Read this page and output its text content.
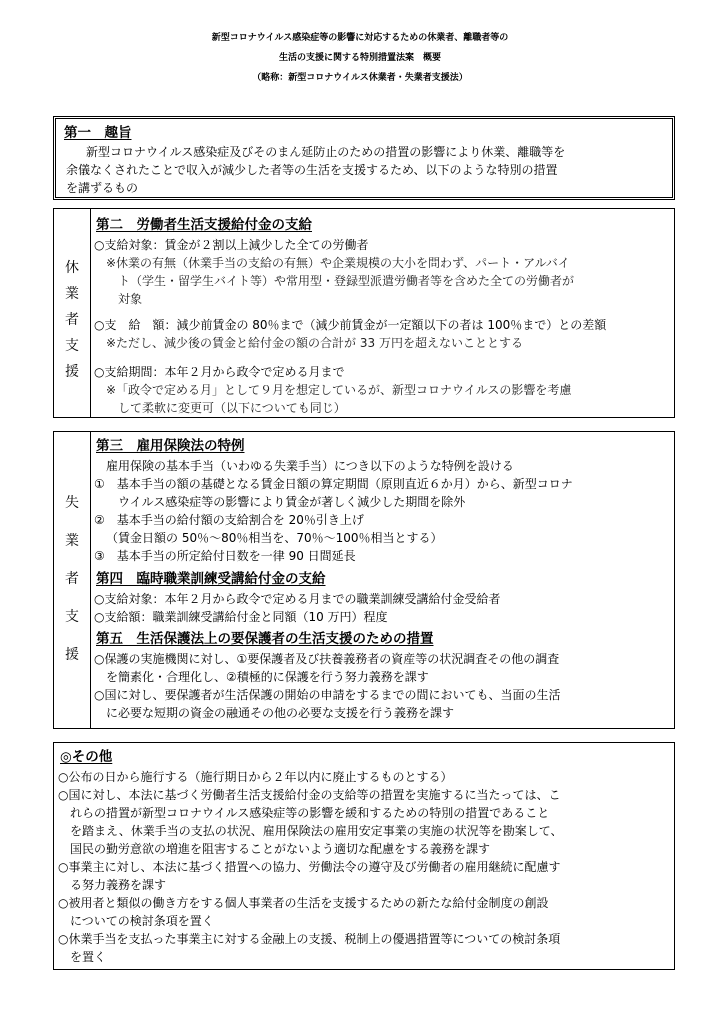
新型コロナウイルス感染症等の影響に対応するための休業者、離職者等の
生活の支援に関する特別措置法案　概要
（略称：新型コロナウイルス休業者・失業者支援法）
第一　趣旨
新型コロナウイルス感染症及びそのまん延防止のための措置の影響により休業、離職等を
余儀なくされたことで収入が減少した者等の生活を支援するため、以下のような特別の措置
を講ずるもの
休
業
者
支
援
第二　労働者生活支援給付金の支給
○支給対象：賃金が２割以上減少した全ての労働者
※休業の有無（休業手当の支給の有無）や企業規模の大小を問わず、パート・アルバイ
ト（学生・留学生バイト等）や常用型・登録型派遣労働者等を含めた全ての労働者が
対象
○支　給　額：減少前賃金の 80％まで（減少前賃金が一定額以下の者は 100％まで）との差額
※ただし、減少後の賃金と給付金の額の合計が 33 万円を超えないこととする
○支給期間：本年２月から政令で定める月まで
※「政令で定める月」として９月を想定しているが、新型コロナウイルスの影響を考慮
して柔軟に変更可（以下についても同じ）
失
業
者
支
援
第三　雇用保険法の特例
雇用保険の基本手当（いわゆる失業手当）につき以下のような特例を設ける
①　基本手当の額の基礎となる賃金日額の算定期間（原則直近６か月）から、新型コロナ
ウイルス感染症等の影響により賃金が著しく減少した期間を除外
②　基本手当の給付額の支給割合を 20％引き上げ
（賃金日額の 50％～80％相当を、70％～100％相当とする）
③　基本手当の所定給付日数を一律 90 日間延長
第四　臨時職業訓練受講給付金の支給
○支給対象：本年２月から政令で定める月までの職業訓練受講給付金受給者
○支給額：職業訓練受講給付金と同額（10 万円）程度
第五　生活保護法上の要保護者の生活支援のための措置
○保護の実施機関に対し、①要保護者及び扶養義務者の資産等の状況調査その他の調査
を簡素化・合理化し、②積極的に保護を行う努力義務を課す
○国に対し、要保護者が生活保護の開始の申請をするまでの間においても、当面の生活
に必要な短期の資金の融通その他の必要な支援を行う義務を課す
◎その他
○公布の日から施行する（施行期日から２年以内に廃止するものとする）
○国に対し、本法に基づく労働者生活支援給付金の支給等の措置を実施するに当たっては、こ
れらの措置が新型コロナウイルス感染症等の影響を緩和するための特別の措置であること
を踏まえ、休業手当の支払の状況、雇用保険法の雇用安定事業の実施の状況等を勘案して、
国民の勤労意欲の増進を阻害することがないよう適切な配慮をする義務を課す
○事業主に対し、本法に基づく措置への協力、労働法令の遵守及び労働者の雇用継続に配慮す
る努力義務を課す
○被用者と類似の働き方をする個人事業者の生活を支援するための新たな給付金制度の創設
についての検討条項を置く
○休業手当を支払った事業主に対する金融上の支援、税制上の優遇措置等についての検討条項
を置く
